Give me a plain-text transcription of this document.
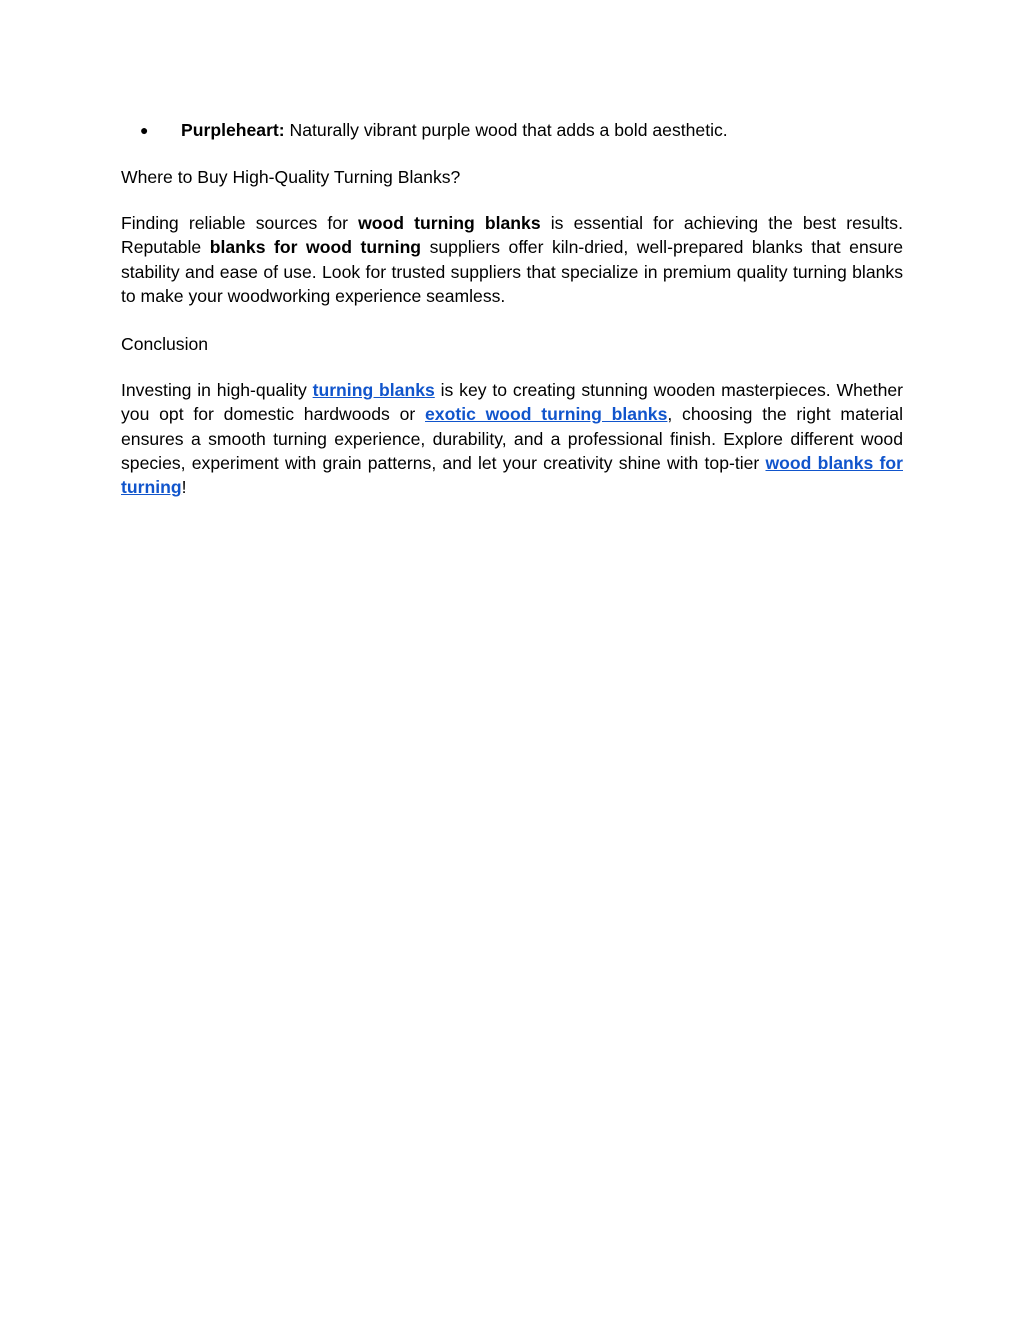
● Purpleheart: Naturally vibrant purple wood that adds a bold aesthetic.

Where to Buy High-Quality Turning Blanks?

Finding reliable sources for wood turning blanks is essential for achieving the best results. Reputable blanks for wood turning suppliers offer kiln-dried, well-prepared blanks that ensure stability and ease of use. Look for trusted suppliers that specialize in premium quality turning blanks to make your woodworking experience seamless.

Conclusion

Investing in high-quality turning blanks is key to creating stunning wooden masterpieces. Whether you opt for domestic hardwoods or exotic wood turning blanks, choosing the right material ensures a smooth turning experience, durability, and a professional finish. Explore different wood species, experiment with grain patterns, and let your creativity shine with top-tier wood blanks for turning!
